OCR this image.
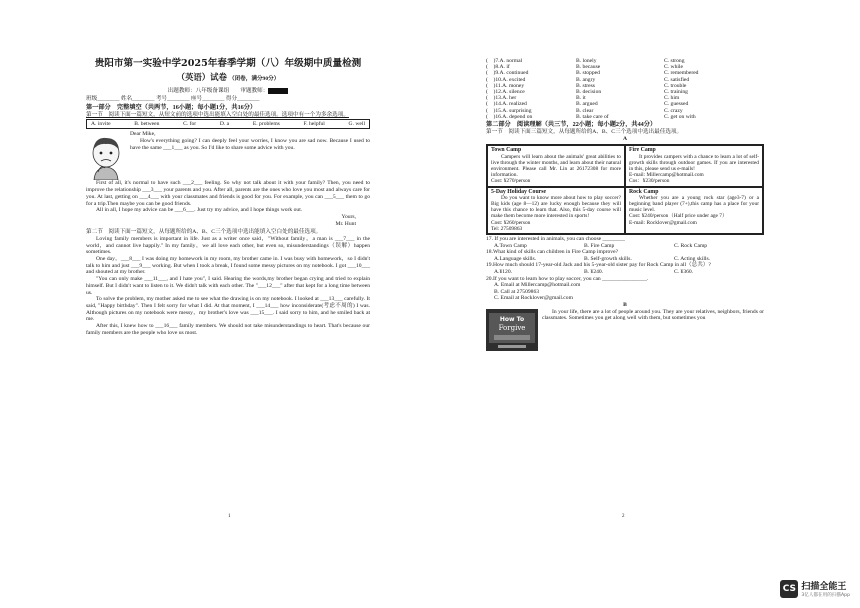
贵阳市第一实验中学2025年春季学期（八）年级期中质量检测

（英语）试卷 （闭卷，满分90分）

出题教师：八年级备课组　　审题教师：

班级________ 姓名________ 考号________ 座号________ 得分________

第一部分　完整填空（共两节，16小题；每小题1分，共16分）

第一节　阅读下面一篇短文，从短文前的选项中选出能填入空白处的最佳选项。选项中有一个为多余选项。

A. invite	B. between	C. for	D. a	E. problems	F. helpful	G. well

Dear Mike,

How's everything going? I can deeply feel your worries, I know you are sad now. Because I used to have the same ___1___ as you. So I'd like to share some advice with you.

First of all, it's normal to have such ___2___ feeling. So why not talk about it with your family? Then, you need to improve the relationship ___3___ your parents and you. After all, parents are the ones who love you most and always care for you. At last, getting on ___4___ with your classmates and friends is good for you. For example, you can ___5___ them to go for a trip.Then maybe you can be good friends.

All in all, I hope my advice can be ___6___. Just try my advice, and I hope things work out.

Yours,

Mr. Hunt

第二节　阅读下面一篇短文，从每题所给的A、B、C三个选项中选出能填入空白处的最佳选项。

Loving family members is important in life. Just as a writer once said，"Without family，a man is ___7___ in the world，and cannot live happily." In my family，we all love each other, but even so, misunderstandings（误解）happen sometimes.

One day，___8___ I was doing my homework in my room, my brother came in. I was busy with homework，so I didn't talk to him and just ___9___ working. But when I took a break, I found some messy pictures on my notebook. I got ___10___ and shouted at my brother.

"You can only make ___11___, and I hate you", I said. Hearing the words,my brother began crying and tried to explain himself. But I didn't want to listen to it. We didn't talk with each other. The "___12___" after that kept for a long time between us.

To solve the problem, my mother asked me to see what the drawing is on my notebook. I looked at ___13___ carefully. It said, "Happy birthday". Then I felt sorry for what I did. At that moment, I ___14___ how inconsiderate(考虑不周的) I was. Although pictures on my notebook were messy，my brother's love was ___15___. I said sorry to him, and he smiled back at me.

After this, I knew how to ___16___ family members. We should not take misunderstandings to heart. That's because our family members are the people who love us most.

(　)7.A. normal	B. lonely	C. strong
(　)8.A. if	B. because	C. while
(　)9.A. continued	B. stopped	C. remembered
(　)10.A. excited	B. angry	C. satisfied
(　)11.A. money	B. stress	C. trouble
(　)12.A. silence	B. decision	C. training
(　)13.A. her	B. it	C. him
(　)14.A. realized	B. argued	C. guessed
(　)15.A. surprising	B. clear	C. crazy
(　)16.A. depend on	B. take care of	C. get on with

第二部分　阅读理解（共三节，22小题；每小题2分，共44分）

第一节　阅读下面三篇短文，从每题所给的A、B、C三个选项中选出最佳选项。

A

Town Camp

Campers will learn about the animals' great abilities to live through the winter months, and learn about their natural environment. Please call Mr. Lin at 26172308 for more information.

Cost: ¥270/person

Fire Camp

It provides campers with a chance to learn a lot of self-growth skills through outdoor games. If you are interested in this, please send us e-mails!

E-mail: Millercamp@hotmail.com

Cos：¥230/person

5-Day Holiday Course

Do you want to know more about how to play soccer? Big kids (age 8—12) are lucky enough because they will have this chance to learn that. Also, this 5-day course will make them become more interested in sports!

Cost: ¥260/person

Tel: 27509863

Rock Camp

Whether you are a young rock star (age3-7) or a beginning band player (7+),this camp has a place for your music level.

Cost: ¥240/person（Half price under age 7）

E-mail: Rocklover@gmail.com

17. If you are interested in animals, you can choose ________

A.Town Camp	B. Fire Camp	C. Rock Camp

18.What kind of skills can children in Fire Camp improve?

A.Language skills.	B. Self-growth skills.	C. Acting skills.

19.How much should 17-year-old Jack and his 5-year-old sister pay for Rock Camp in all（总共）?

A.¥120.	B. ¥240.	C. ¥360.

20.If you want to learn how to play soccer, you can ________________.

A. Email at Millercamp@hotmail.com

B. Call at 27509863

C. Email at Rocklover@gmail.com

B

How To
Forgive

In your life, there are a lot of people around you. They are your relatives, neighbors, friends or classmates. Sometimes you get along well with them, but sometimes you

1	2
CS 扫描全能王
3亿人都在用的扫描App
